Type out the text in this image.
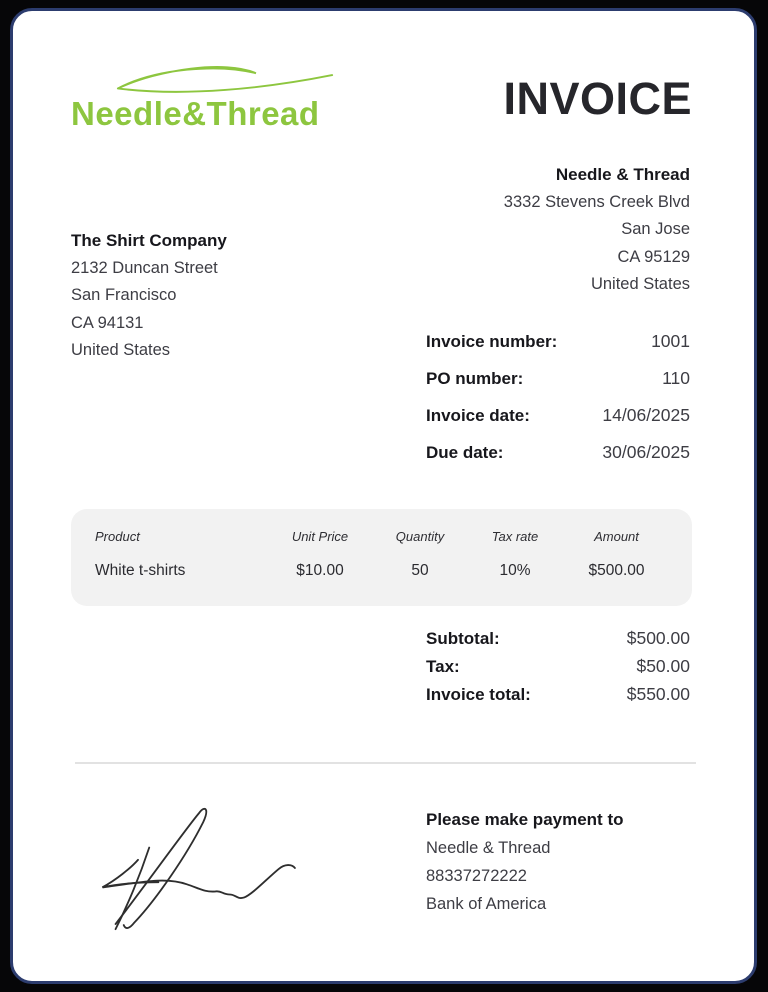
Needle&Thread	INVOICE
The Shirt Company
2132 Duncan Street
San Francisco
CA 94131
United States
Needle & Thread
3332 Stevens Creek Blvd
San Jose
CA 95129
United States
Invoice number:	1001
PO number:	110
Invoice date:	14/06/2025
Due date:	30/06/2025
Product	Unit Price	Quantity	Tax rate	Amount
White t-shirts	$10.00	50	10%	$500.00
Subtotal:	$500.00
Tax:	$50.00
Invoice total:	$550.00
Please make payment to
Needle & Thread
88337272222
Bank of America
